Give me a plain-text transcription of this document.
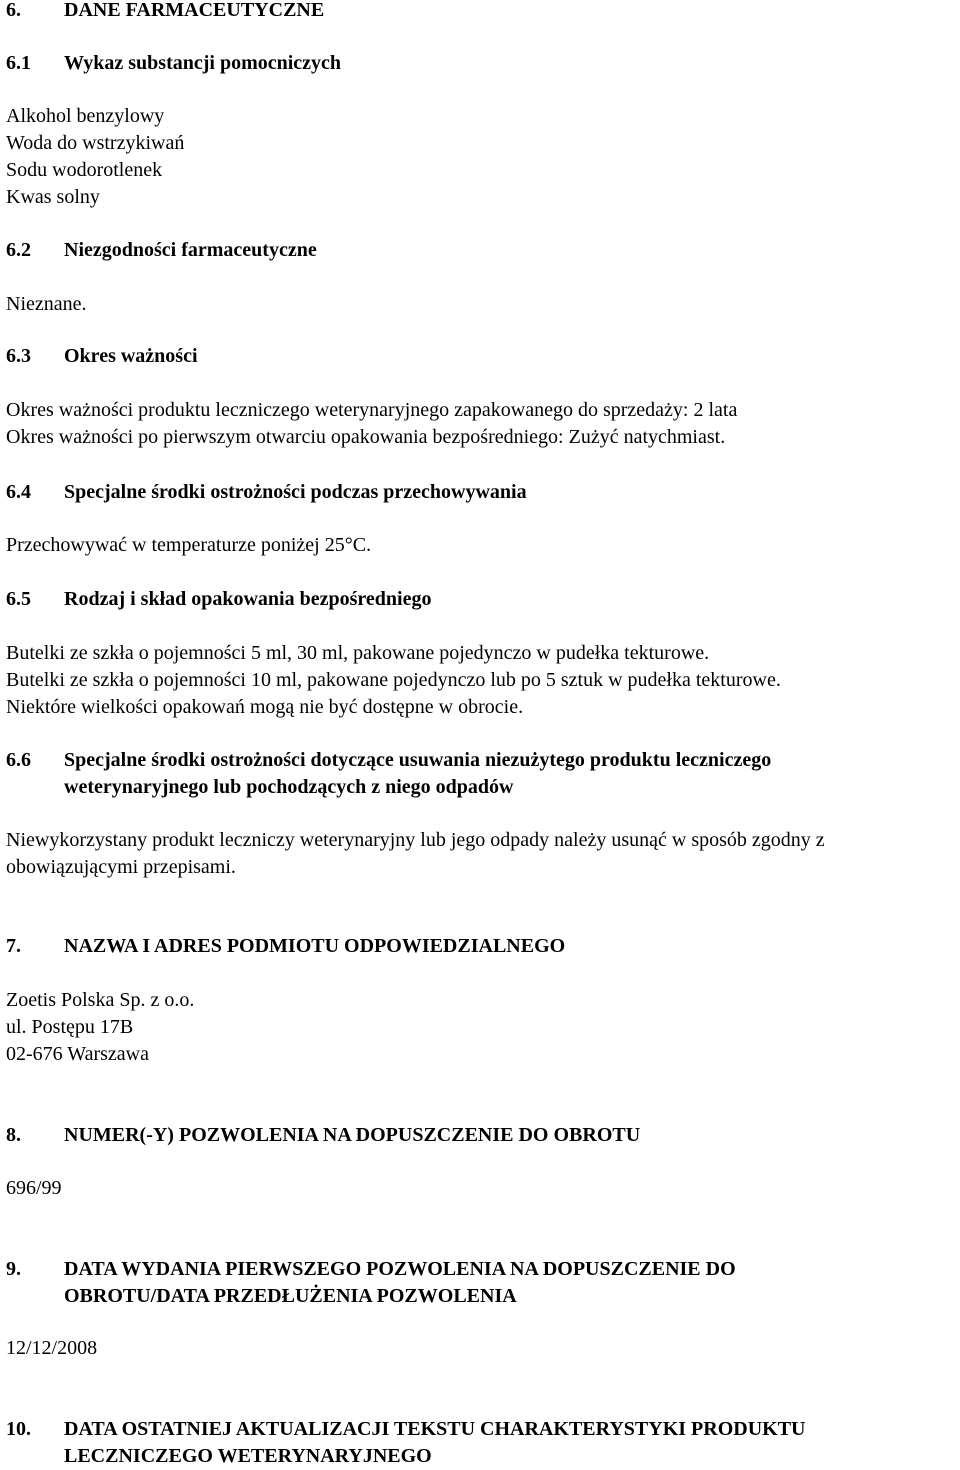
6.	DANE FARMACEUTYCZNE
6.1	Wykaz substancji pomocniczych
Alkohol benzylowy
Woda do wstrzykiwań
Sodu wodorotlenek
Kwas solny
6.2	Niezgodności farmaceutyczne
Nieznane.
6.3	Okres ważności
Okres ważności produktu leczniczego weterynaryjnego zapakowanego do sprzedaży: 2 lata
Okres ważności po pierwszym otwarciu opakowania bezpośredniego: Zużyć natychmiast.
6.4	Specjalne środki ostrożności podczas przechowywania
Przechowywać w temperaturze poniżej 25°C.
6.5	Rodzaj i skład opakowania bezpośredniego
Butelki ze szkła o pojemności 5 ml, 30 ml, pakowane pojedynczo w pudełka tekturowe.
Butelki ze szkła o pojemności 10 ml, pakowane pojedynczo lub po 5 sztuk w pudełka tekturowe.
Niektóre wielkości opakowań mogą nie być dostępne w obrocie.
6.6	Specjalne środki ostrożności dotyczące usuwania niezużytego produktu leczniczego
weterynaryjnego lub pochodzących z niego odpadów
Niewykorzystany produkt leczniczy weterynaryjny lub jego odpady należy usunąć w sposób zgodny z
obowiązującymi przepisami.
7.	NAZWA I ADRES PODMIOTU ODPOWIEDZIALNEGO
Zoetis Polska Sp. z o.o.
ul. Postępu 17B
02-676 Warszawa
8.	NUMER(-Y) POZWOLENIA NA DOPUSZCZENIE DO OBROTU
696/99
9.	DATA WYDANIA PIERWSZEGO POZWOLENIA NA DOPUSZCZENIE DO
OBROTU/DATA PRZEDŁUŻENIA POZWOLENIA
12/12/2008
10.	DATA OSTATNIEJ AKTUALIZACJI TEKSTU CHARAKTERYSTYKI PRODUKTU
LECZNICZEGO WETERYNARYJNEGO
